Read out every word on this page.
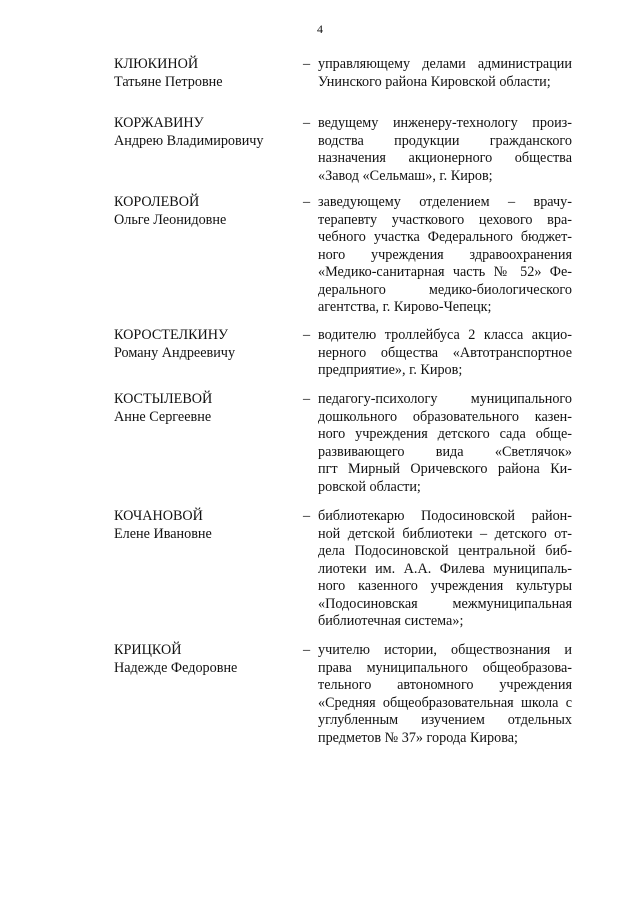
4
КЛЮКИНОЙ
Татьяне Петровне
– управляющему делами администрации
Унинского района Кировской области;
КОРЖАВИНУ
Андрею Владимировичу
– ведущему инженеру-технологу произ-
водства продукции гражданского
назначения акционерного общества
«Завод «Сельмаш», г. Киров;
КОРОЛЕВОЙ
Ольге Леонидовне
– заведующему отделением – врачу-
терапевту участкового цехового вра-
чебного участка Федерального бюджет-
ного учреждения здравоохранения
«Медико-санитарная часть № 52» Фе-
дерального медико-биологического
агентства, г. Кирово-Чепецк;
КОРОСТЕЛКИНУ
Роману Андреевичу
– водителю троллейбуса 2 класса акцио-
нерного общества «Автотранспортное
предприятие», г. Киров;
КОСТЫЛЕВОЙ
Анне Сергеевне
– педагогу-психологу муниципального
дошкольного образовательного казен-
ного учреждения детского сада обще-
развивающего вида «Светлячок»
пгт Мирный Оричевского района Ки-
ровской области;
КОЧАНОВОЙ
Елене Ивановне
– библиотекарю Подосиновской район-
ной детской библиотеки – детского от-
дела Подосиновской центральной биб-
лиотеки им. А.А. Филева муниципаль-
ного казенного учреждения культуры
«Подосиновская межмуниципальная
библиотечная система»;
КРИЦКОЙ
Надежде Федоровне
– учителю истории, обществознания и
права муниципального общеобразова-
тельного автономного учреждения
«Средняя общеобразовательная школа с
углубленным изучением отдельных
предметов № 37» города Кирова;
